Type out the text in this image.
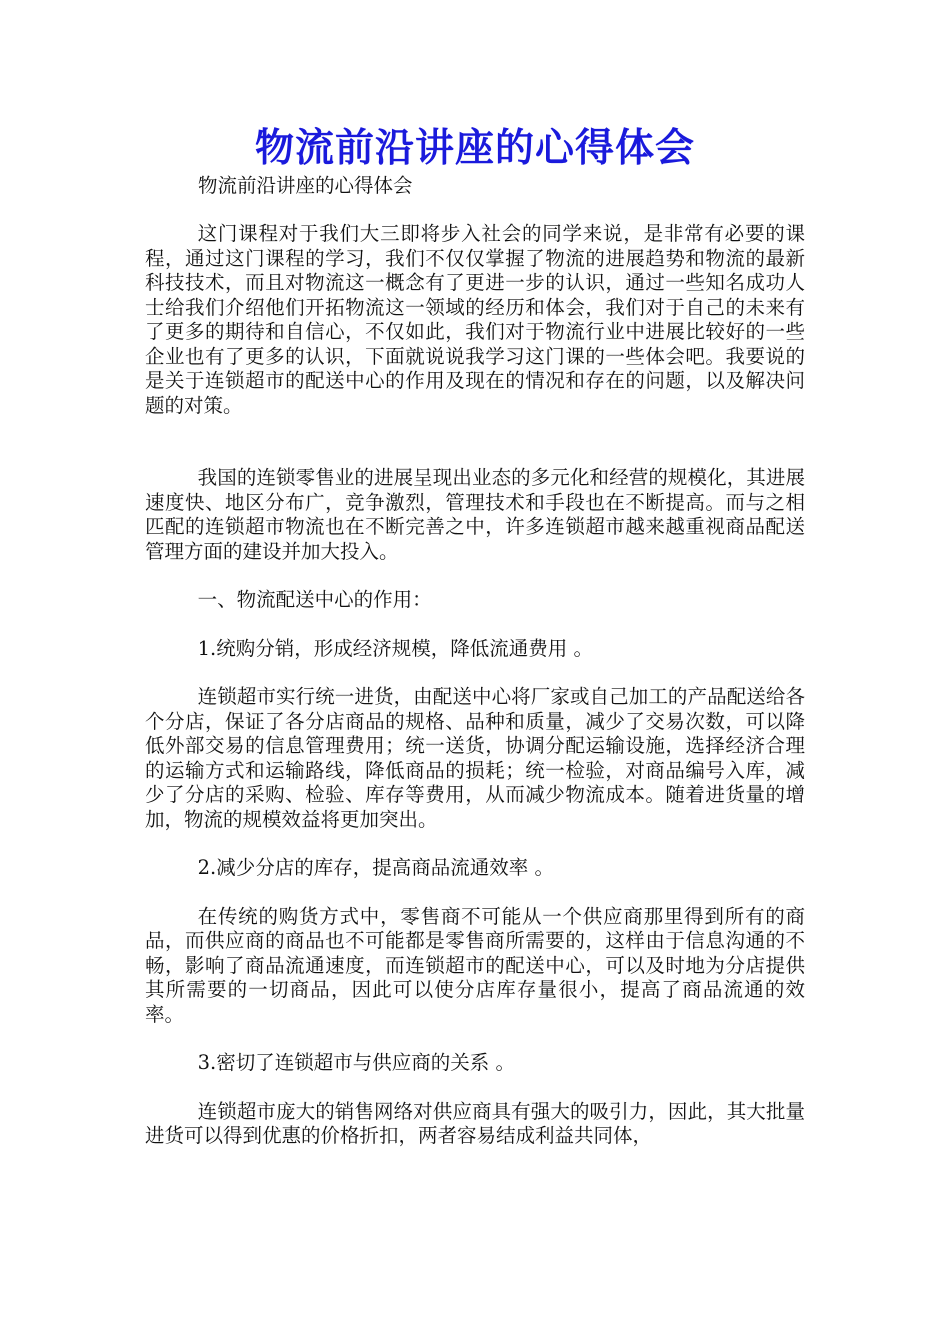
物流前沿讲座的心得体会
物流前沿讲座的心得体会

这门课程对于我们大三即将步入社会的同学来说，是非常有必要的课程，通过这门课程的学习，我们不仅仅掌握了物流的进展趋势和物流的最新科技技术，而且对物流这一概念有了更进一步的认识，通过一些知名成功人士给我们介绍他们开拓物流这一领域的经历和体会，我们对于自己的未来有了更多的期待和自信心，不仅如此，我们对于物流行业中进展比较好的一些企业也有了更多的认识，下面就说说我学习这门课的一些体会吧。我要说的是关于连锁超市的配送中心的作用及现在的情况和存在的问题，以及解决问题的对策。

我国的连锁零售业的进展呈现出业态的多元化和经营的规模化，其进展速度快、地区分布广，竞争激烈，管理技术和手段也在不断提高。而与之相匹配的连锁超市物流也在不断完善之中，许多连锁超市越来越重视商品配送管理方面的建设并加大投入。

一、物流配送中心的作用：

1.统购分销，形成经济规模，降低流通费用 。

连锁超市实行统一进货，由配送中心将厂家或自己加工的产品配送给各个分店，保证了各分店商品的规格、品种和质量，减少了交易次数，可以降低外部交易的信息管理费用；统一送货，协调分配运输设施，选择经济合理的运输方式和运输路线，降低商品的损耗；统一检验，对商品编号入库，减少了分店的采购、检验、库存等费用，从而减少物流成本。随着进货量的增加，物流的规模效益将更加突出。

2.减少分店的库存，提高商品流通效率 。

在传统的购货方式中，零售商不可能从一个供应商那里得到所有的商品，而供应商的商品也不可能都是零售商所需要的，这样由于信息沟通的不畅，影响了商品流通速度，而连锁超市的配送中心，可以及时地为分店提供其所需要的一切商品，因此可以使分店库存量很小，提高了商品流通的效率。

3.密切了连锁超市与供应商的关系 。

连锁超市庞大的销售网络对供应商具有强大的吸引力，因此，其大批量进货可以得到优惠的价格折扣，两者容易结成利益共同体，
